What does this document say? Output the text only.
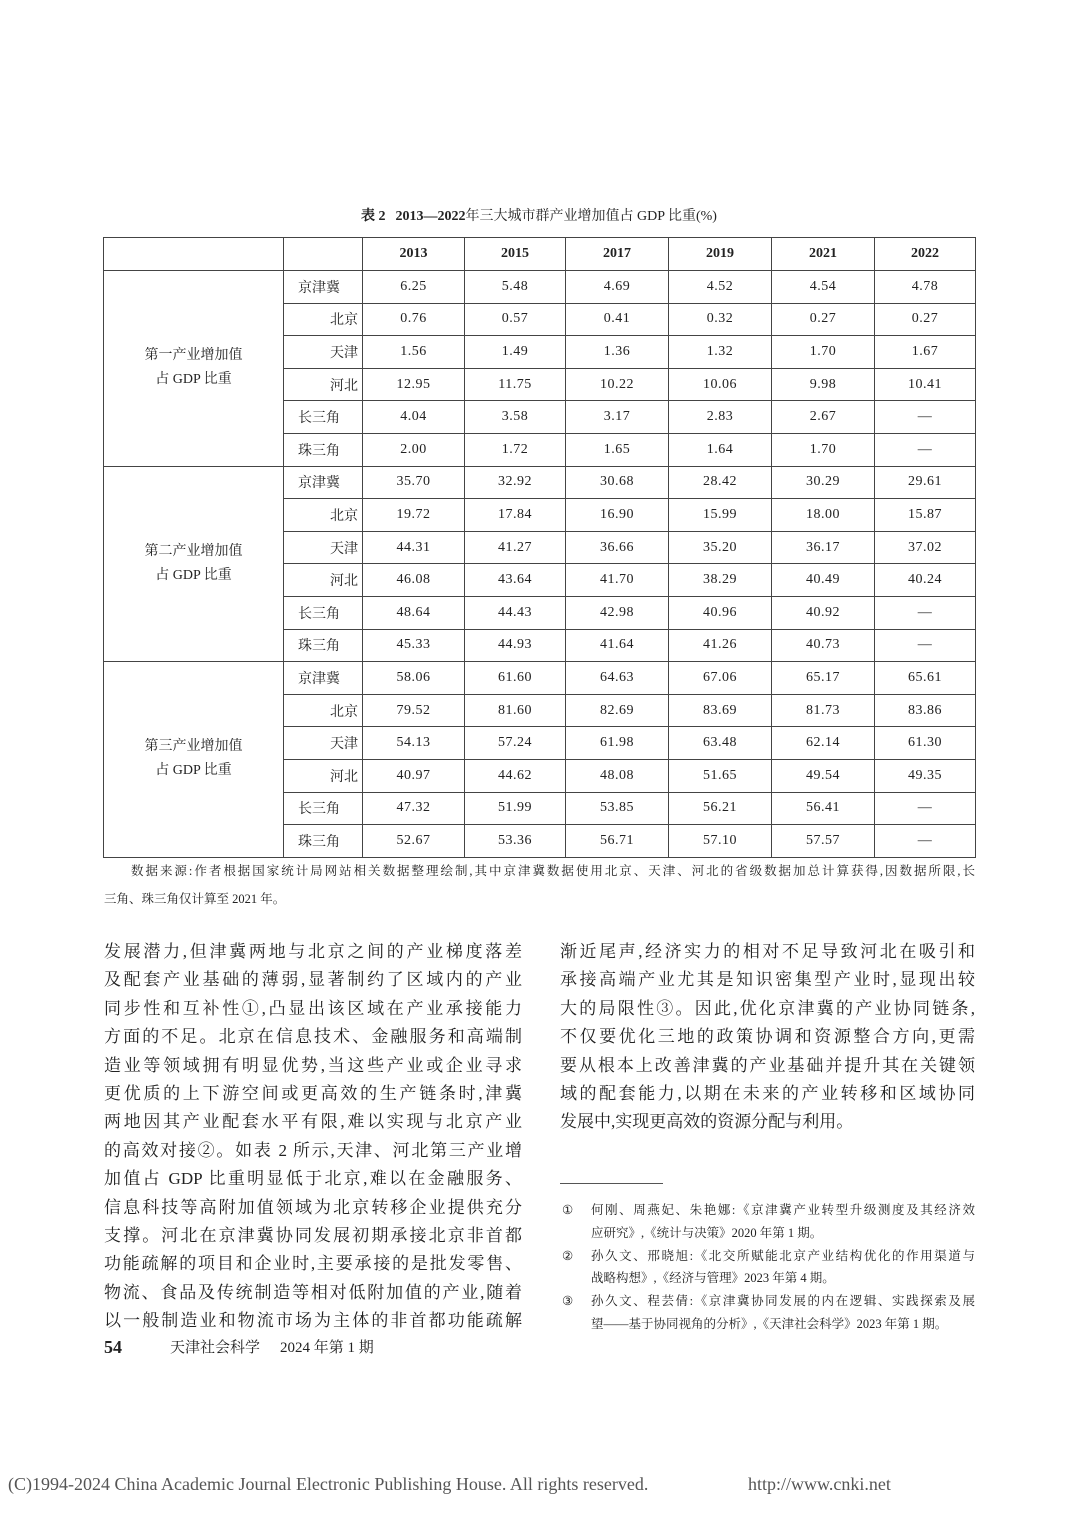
表 2 2013—2022年三大城市群产业增加值占 GDP 比重(%)
		2013	2015	2017	2019	2021	2022

第一产业增加值
占 GDP 比重	京津冀	6.25	5.48	4.69	4.52	4.54	4.78
	北京	0.76	0.57	0.41	0.32	0.27	0.27
	天津	1.56	1.49	1.36	1.32	1.70	1.67
	河北	12.95	11.75	10.22	10.06	9.98	10.41
	长三角	4.04	3.58	3.17	2.83	2.67	—
	珠三角	2.00	1.72	1.65	1.64	1.70	—

第二产业增加值
占 GDP 比重	京津冀	35.70	32.92	30.68	28.42	30.29	29.61
	北京	19.72	17.84	16.90	15.99	18.00	15.87
	天津	44.31	41.27	36.66	35.20	36.17	37.02
	河北	46.08	43.64	41.70	38.29	40.49	40.24
	长三角	48.64	44.43	42.98	40.96	40.92	—
	珠三角	45.33	44.93	41.64	41.26	40.73	—

第三产业增加值
占 GDP 比重	京津冀	58.06	61.60	64.63	67.06	65.17	65.61
	北京	79.52	81.60	82.69	83.69	81.73	83.86
	天津	54.13	57.24	61.98	63.48	62.14	61.30
	河北	40.97	44.62	48.08	51.65	49.54	49.35
	长三角	47.32	51.99	53.85	56.21	56.41	—
	珠三角	52.67	53.36	56.71	57.10	57.57	—
数据来源:作者根据国家统计局网站相关数据整理绘制,其中京津冀数据使用北京、天津、河北的省级数据加总计算获得,因数据所限,长
三角、珠三角仅计算至 2021 年。
发展潜力,但津冀两地与北京之间的产业梯度落差
及配套产业基础的薄弱,显著制约了区域内的产业
同步性和互补性①,凸显出该区域在产业承接能力
方面的不足。北京在信息技术、金融服务和高端制
造业等领域拥有明显优势,当这些产业或企业寻求
更优质的上下游空间或更高效的生产链条时,津冀
两地因其产业配套水平有限,难以实现与北京产业
的高效对接②。如表 2 所示,天津、河北第三产业增
加值占 GDP 比重明显低于北京,难以在金融服务、
信息科技等高附加值领域为北京转移企业提供充分
支撑。河北在京津冀协同发展初期承接北京非首都
功能疏解的项目和企业时,主要承接的是批发零售、
物流、食品及传统制造等相对低附加值的产业,随着
以一般制造业和物流市场为主体的非首都功能疏解
渐近尾声,经济实力的相对不足导致河北在吸引和
承接高端产业尤其是知识密集型产业时,显现出较
大的局限性③。因此,优化京津冀的产业协同链条,
不仅要优化三地的政策协调和资源整合方向,更需
要从根本上改善津冀的产业基础并提升其在关键领
域的配套能力,以期在未来的产业转移和区域协同
发展中,实现更高效的资源分配与利用。
① 何刚、周燕妃、朱艳娜:《京津冀产业转型升级测度及其经济效
应研究》,《统计与决策》2020 年第 1 期。
② 孙久文、邢晓旭:《北交所赋能北京产业结构优化的作用渠道与
战略构想》,《经济与管理》2023 年第 4 期。
③ 孙久文、程芸倩:《京津冀协同发展的内在逻辑、实践探索及展
望——基于协同视角的分析》,《天津社会科学》2023 年第 1 期。
54	天津社会科学 2024 年第 1 期
(C)1994-2024 China Academic Journal Electronic Publishing House. All rights reserved.	http://www.cnki.net
